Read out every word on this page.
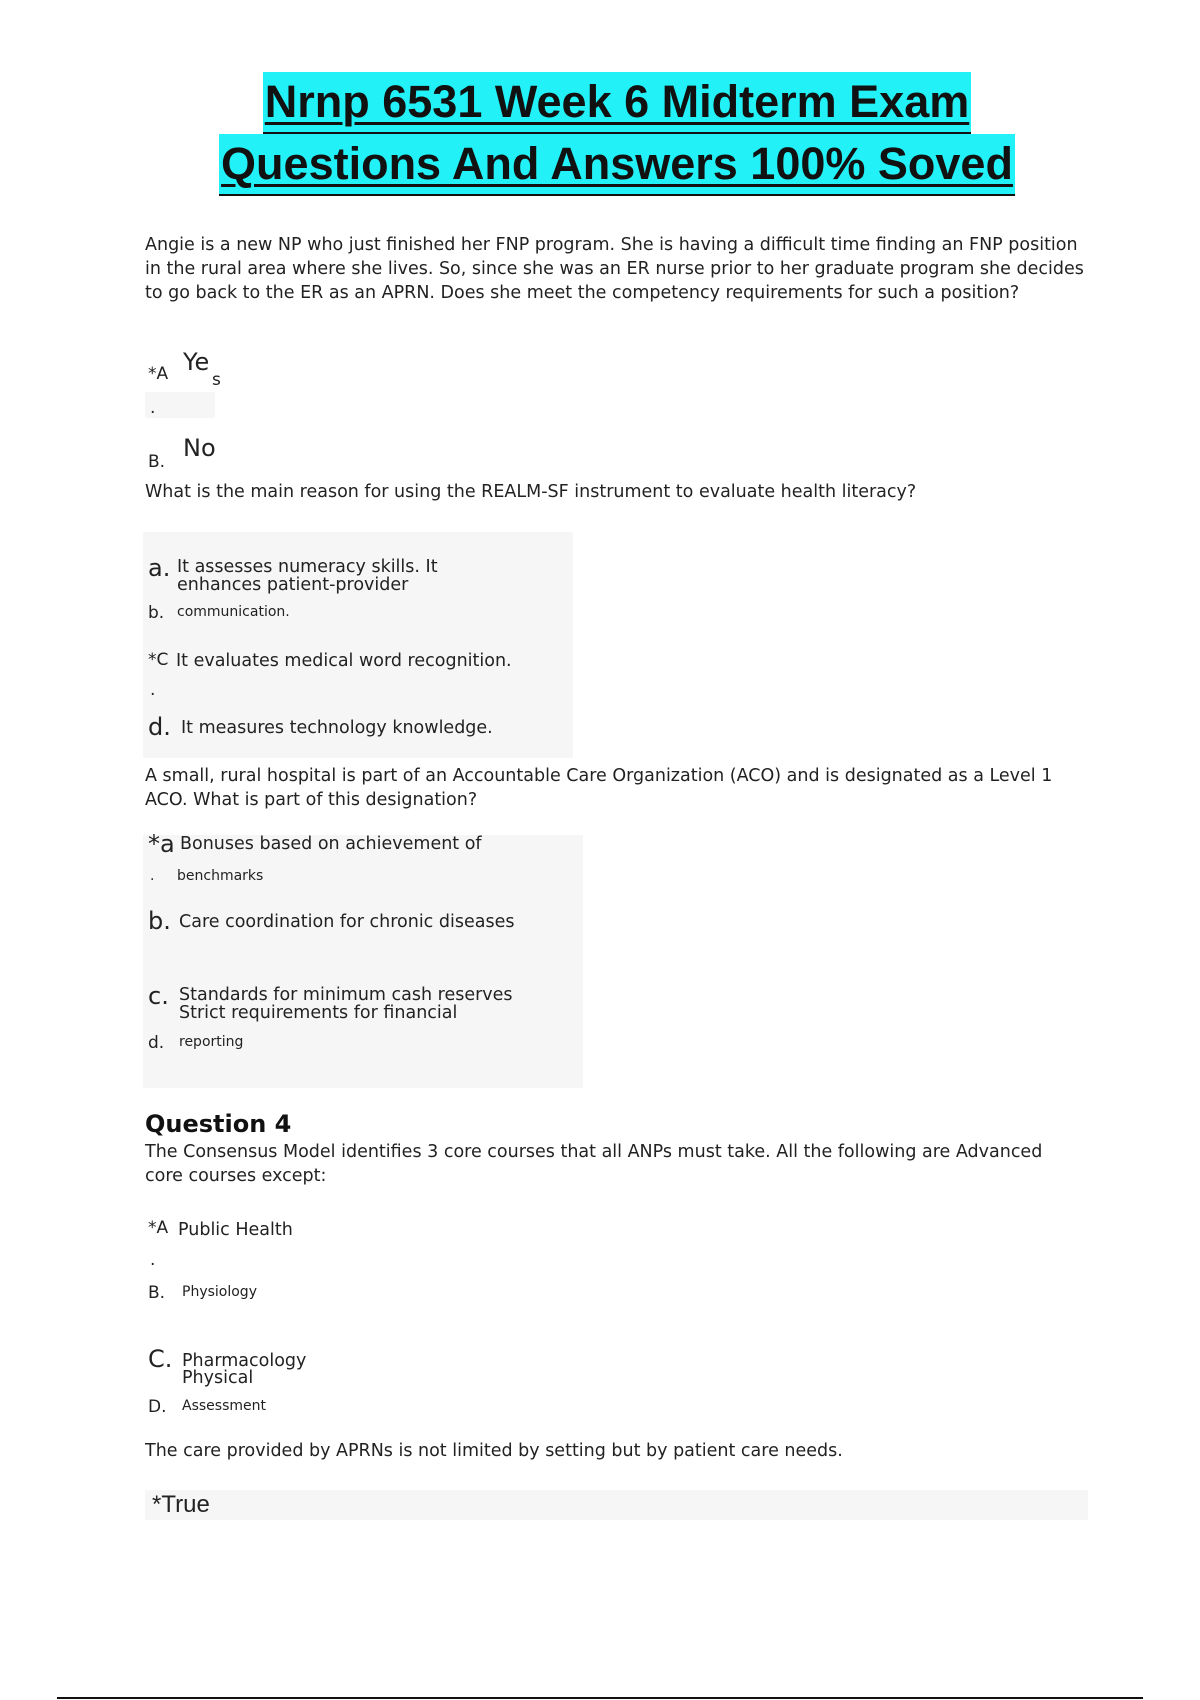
Nrnp 6531 Week 6 Midterm Exam
Questions And Answers 100% Soved

Angie is a new NP who just finished her FNP program. She is having a difficult time finding an FNP position in the rural area where she lives. So, since she was an ER nurse prior to her graduate program she decides to go back to the ER as an APRN. Does she meet the competency requirements for such a position?

*A Ye
s
.
B. No

What is the main reason for using the REALM-SF instrument to evaluate health literacy?

a. It assesses numeracy skills. It
enhances patient-provider
b. communication.
*C It evaluates medical word recognition.
.
d. It measures technology knowledge.

A small, rural hospital is part of an Accountable Care Organization (ACO) and is designated as a Level 1 ACO. What is part of this designation?

*a Bonuses based on achievement of
. benchmarks
b. Care coordination for chronic diseases
c. Standards for minimum cash reserves
Strict requirements for financial
d. reporting
Question 4

The Consensus Model identifies 3 core courses that all ANPs must take. All the following are Advanced core courses except:

*A Public Health
.
B. Physiology
C. Pharmacology
Physical
D. Assessment

The care provided by APRNs is not limited by setting but by patient care needs.

*True
